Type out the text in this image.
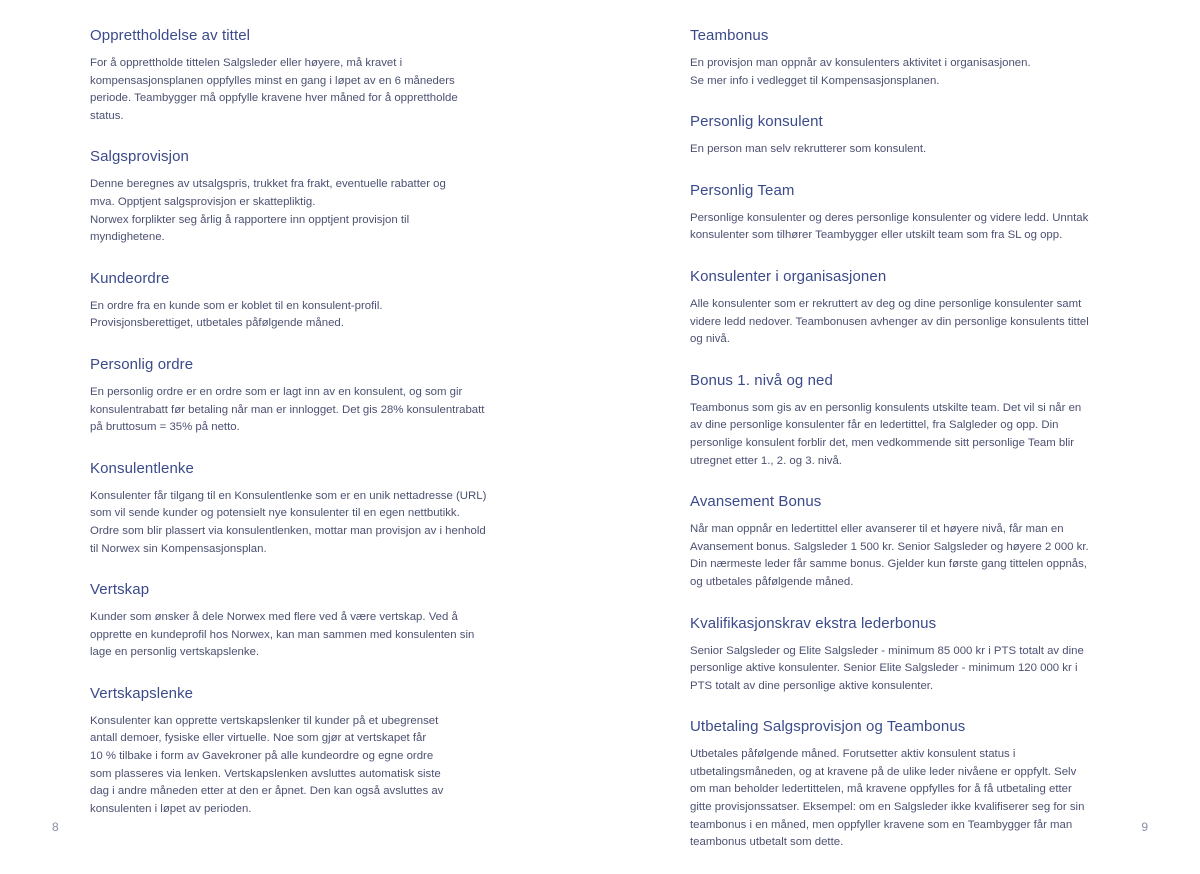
Opprettholdelse av tittel

For å opprettholde tittelen Salgsleder eller høyere, må kravet i

kompensasjonsplanen oppfylles minst en gang i løpet av en 6 måneders

periode. Teambygger må oppfylle kravene hver måned for å opprettholde

status.

Salgsprovisjon

Denne beregnes av utsalgspris, trukket fra frakt, eventuelle rabatter og

mva. Opptjent salgsprovisjon er skattepliktig.

Norwex forplikter seg årlig å rapportere inn opptjent provisjon til

myndighetene.

Kundeordre

En ordre fra en kunde som er koblet til en konsulent-profil.

Provisjonsberettiget, utbetales påfølgende måned.

Personlig ordre

En personlig ordre er en ordre som er lagt inn av en konsulent, og som gir

konsulentrabatt før betaling når man er innlogget. Det gis 28% konsulentrabatt

på bruttosum = 35% på netto.

Konsulentlenke

Konsulenter får tilgang til en Konsulentlenke som er en unik nettadresse (URL)

som vil sende kunder og potensielt nye konsulenter til en egen nettbutikk.

Ordre som blir plassert via konsulentlenken, mottar man provisjon av i henhold

til Norwex sin Kompensasjonsplan.

Vertskap

Kunder som ønsker å dele Norwex med flere ved å være vertskap. Ved å

opprette en kundeprofil hos Norwex, kan man sammen med konsulenten sin

lage en personlig vertskapslenke.

Vertskapslenke

Konsulenter kan opprette vertskapslenker til kunder på et ubegrenset

antall demoer, fysiske eller virtuelle. Noe som gjør at vertskapet får

10 % tilbake i form av Gavekroner på alle kundeordre og egne ordre

som plasseres via lenken. Vertskapslenken avsluttes automatisk siste

dag i andre måneden etter at den er åpnet. Den kan også avsluttes av

konsulenten i løpet av perioden.

8
Teambonus

En provisjon man oppnår av konsulenters aktivitet i organisasjonen.

Se mer info i vedlegget til Kompensasjonsplanen.

Personlig konsulent

En person man selv rekrutterer som konsulent.

Personlig Team

Personlige konsulenter og deres personlige konsulenter og videre ledd. Unntak

konsulenter som tilhører Teambygger eller utskilt team som fra SL og opp.

Konsulenter i organisasjonen

Alle konsulenter som er rekruttert av deg og dine personlige konsulenter samt

videre ledd nedover. Teambonusen avhenger av din personlige konsulents tittel

og nivå.

Bonus 1. nivå og ned

Teambonus som gis av en personlig konsulents utskilte team. Det vil si når en

av dine personlige konsulenter får en ledertittel, fra Salgleder og opp. Din

personlige konsulent forblir det, men vedkommende sitt personlige Team blir

utregnet etter 1., 2. og 3. nivå.

Avansement Bonus

Når man oppnår en ledertittel eller avanserer til et høyere nivå, får man en

Avansement bonus. Salgsleder 1 500 kr. Senior Salgsleder og høyere 2 000 kr.

Din nærmeste leder får samme bonus. Gjelder kun første gang tittelen oppnås,

og utbetales påfølgende måned.

Kvalifikasjonskrav ekstra lederbonus

Senior Salgsleder og Elite Salgsleder - minimum 85 000 kr i PTS totalt av dine

personlige aktive konsulenter. Senior Elite Salgsleder - minimum 120 000 kr i

PTS totalt av dine personlige aktive konsulenter.

Utbetaling Salgsprovisjon og Teambonus

Utbetales påfølgende måned. Forutsetter aktiv konsulent status i

utbetalingsmåneden, og at kravene på de ulike leder nivåene er oppfylt. Selv

om man beholder ledertittelen, må kravene oppfylles for å få utbetaling etter

gitte provisjonssatser. Eksempel: om en Salgsleder ikke kvalifiserer seg for sin

teambonus i en måned, men oppfyller kravene som en Teambygger får man

teambonus utbetalt som dette.

9
